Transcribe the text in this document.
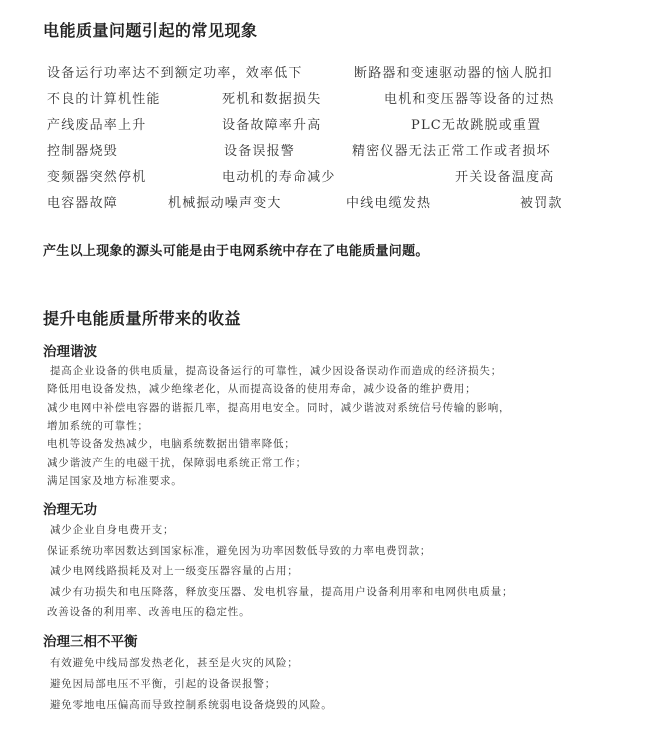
电能质量问题引起的常见现象
设备运行功率达不到额定功率，效率低下	断路器和变速驱动器的恼人脱扣
不良的计算机性能	死机和数据损失	电机和变压器等设备的过热
产线废品率上升	设备故障率升高	PLC无故跳脱或重置
控制器烧毁	设备误报警	精密仪器无法正常工作或者损坏
变频器突然停机	电动机的寿命减少	开关设备温度高
电容器故障	机械振动噪声变大	中线电缆发热	被罚款
产生以上现象的源头可能是由于电网系统中存在了电能质量问题。
提升电能质量所带来的收益
治理谐波
提高企业设备的供电质量，提高设备运行的可靠性，减少因设备误动作而造成的经济损失；
降低用电设备发热，减少绝缘老化，从而提高设备的使用寿命，减少设备的维护费用；
减少电网中补偿电容器的谐振几率，提高用电安全。同时，减少谐波对系统信号传输的影响，
增加系统的可靠性；
电机等设备发热减少，电脑系统数据出错率降低；
减少谐波产生的电磁干扰，保障弱电系统正常工作；
满足国家及地方标准要求。
治理无功
减少企业自身电费开支；
保证系统功率因数达到国家标准，避免因为功率因数低导致的力率电费罚款；
减少电网线路损耗及对上一级变压器容量的占用；
减少有功损失和电压降落，释放变压器、发电机容量，提高用户设备利用率和电网供电质量；
改善设备的利用率、改善电压的稳定性。
治理三相不平衡
有效避免中线局部发热老化，甚至是火灾的风险；
避免因局部电压不平衡，引起的设备误报警；
避免零地电压偏高而导致控制系统弱电设备烧毁的风险。
